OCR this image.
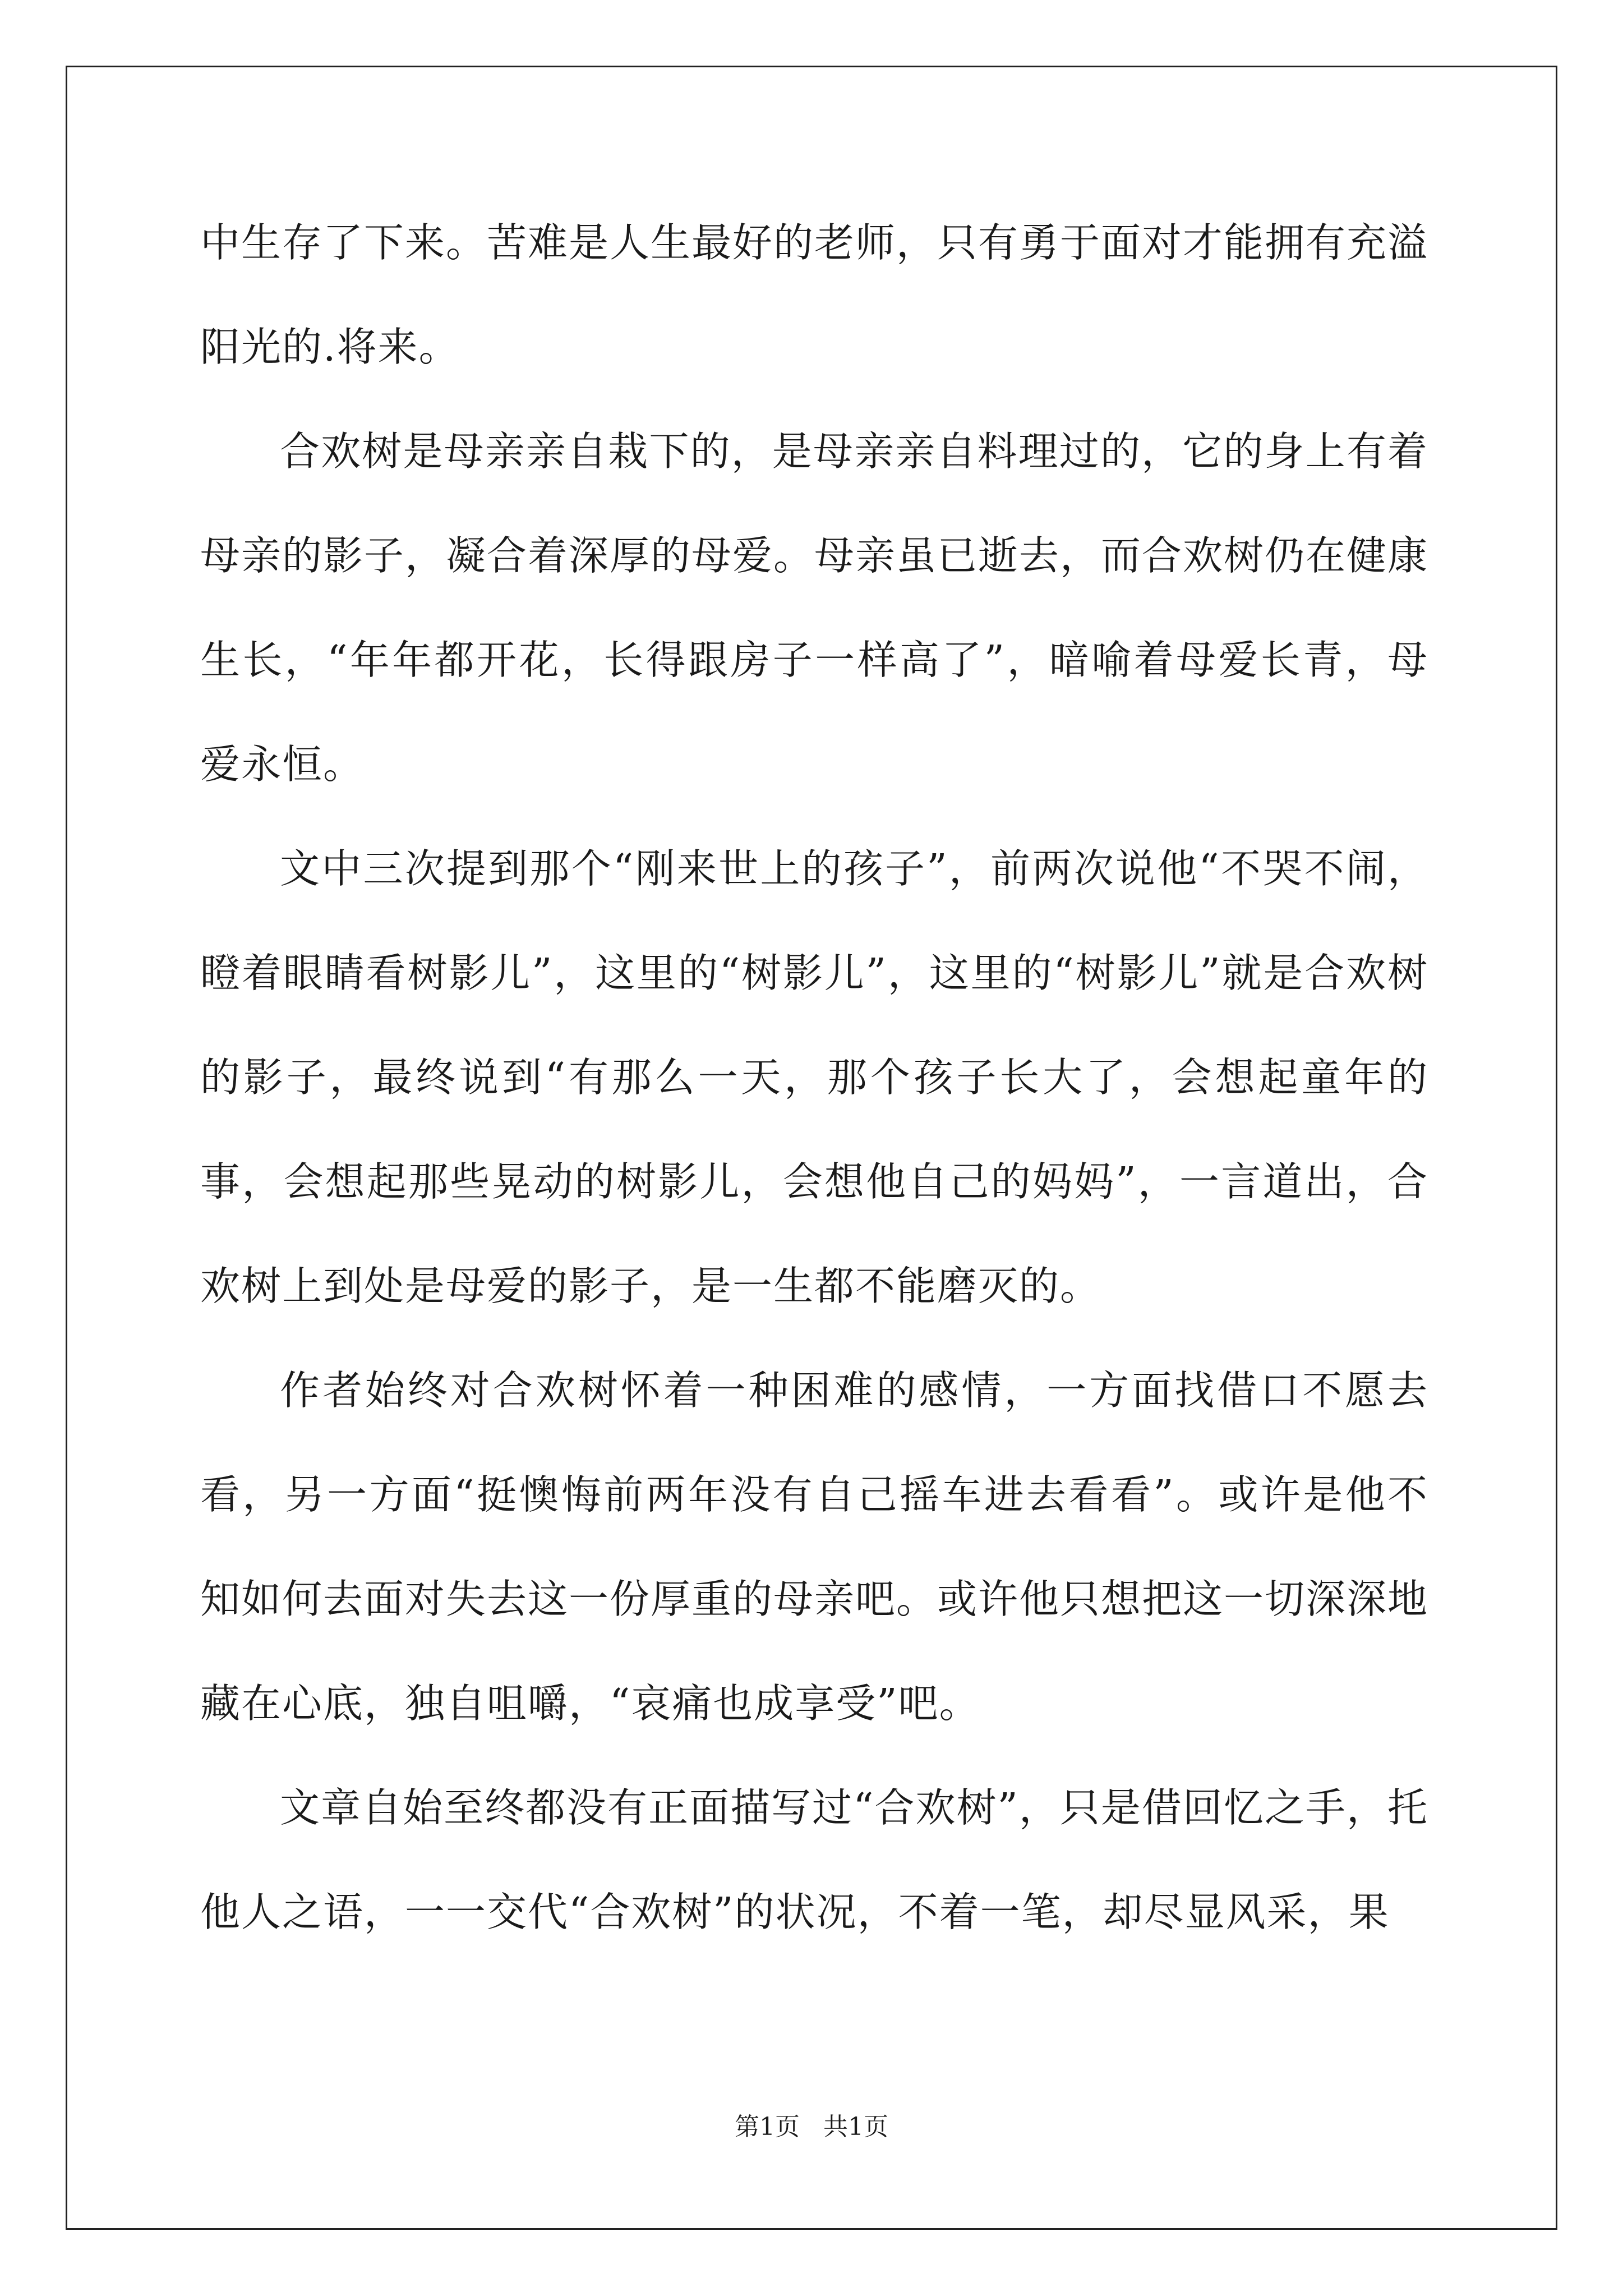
中生存了下来。苦难是人生最好的老师，只有勇于面对才能拥有充溢阳光的.将来。

合欢树是母亲亲自栽下的，是母亲亲自料理过的，它的身上有着母亲的影子，凝合着深厚的母爱。母亲虽已逝去，而合欢树仍在健康生长，“年年都开花，长得跟房子一样高了”，暗喻着母爱长青，母爱永恒。

文中三次提到那个“刚来世上的孩子”，前两次说他“不哭不闹，瞪着眼睛看树影儿”，这里的“树影儿”，这里的“树影儿”就是合欢树的影子，最终说到“有那么一天，那个孩子长大了，会想起童年的事，会想起那些晃动的树影儿，会想他自己的妈妈”，一言道出，合欢树上到处是母爱的影子，是一生都不能磨灭的。

作者始终对合欢树怀着一种困难的感情，一方面找借口不愿去看，另一方面“挺懊悔前两年没有自己摇车进去看看”。或许是他不知如何去面对失去这一份厚重的母亲吧。或许他只想把这一切深深地藏在心底，独自咀嚼，“哀痛也成享受”吧。

文章自始至终都没有正面描写过“合欢树”，只是借回忆之手，托他人之语，一一交代“合欢树”的状况，不着一笔，却尽显风采，果

第1页   共1页
